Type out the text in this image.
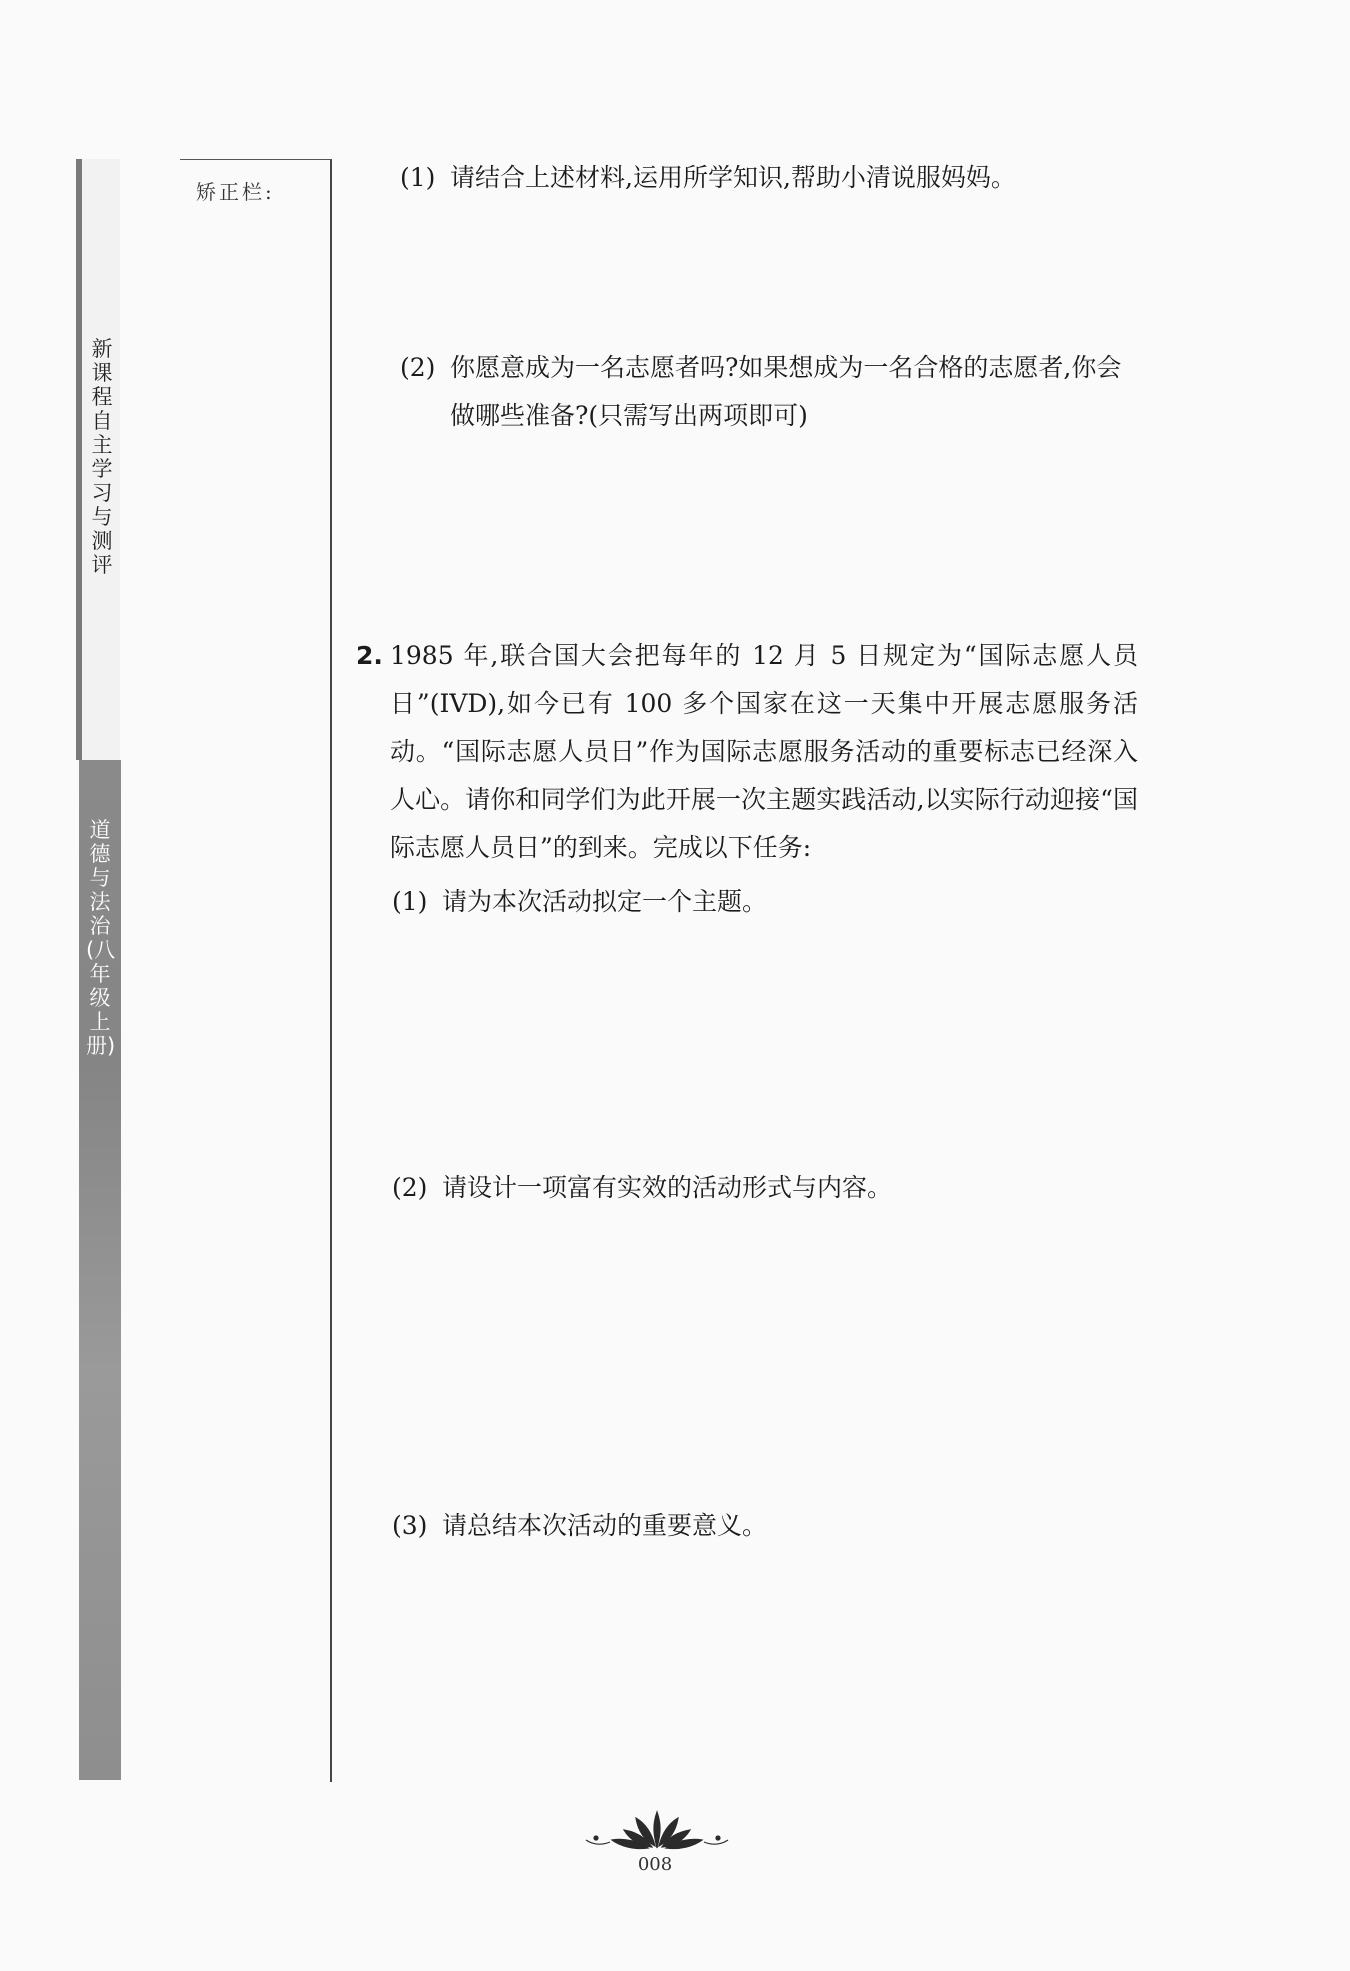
新课程自主学习与测评
道德与法治(八年级上册)
矫正栏:	(1) 请结合上述材料,运用所学知识,帮助小清说服妈妈。
(2) 你愿意成为一名志愿者吗?如果想成为一名合格的志愿者,你会做哪些准备?(只需写出两项即可)
2. 1985 年,联合国大会把每年的 12 月 5 日规定为“国际志愿人员日”(IVD),如今已有 100 多个国家在这一天集中开展志愿服务活动。“国际志愿人员日”作为国际志愿服务活动的重要标志已经深入人心。请你和同学们为此开展一次主题实践活动,以实际行动迎接“国际志愿人员日”的到来。完成以下任务:
(1) 请为本次活动拟定一个主题。
(2) 请设计一项富有实效的活动形式与内容。
(3) 请总结本次活动的重要意义。
008
